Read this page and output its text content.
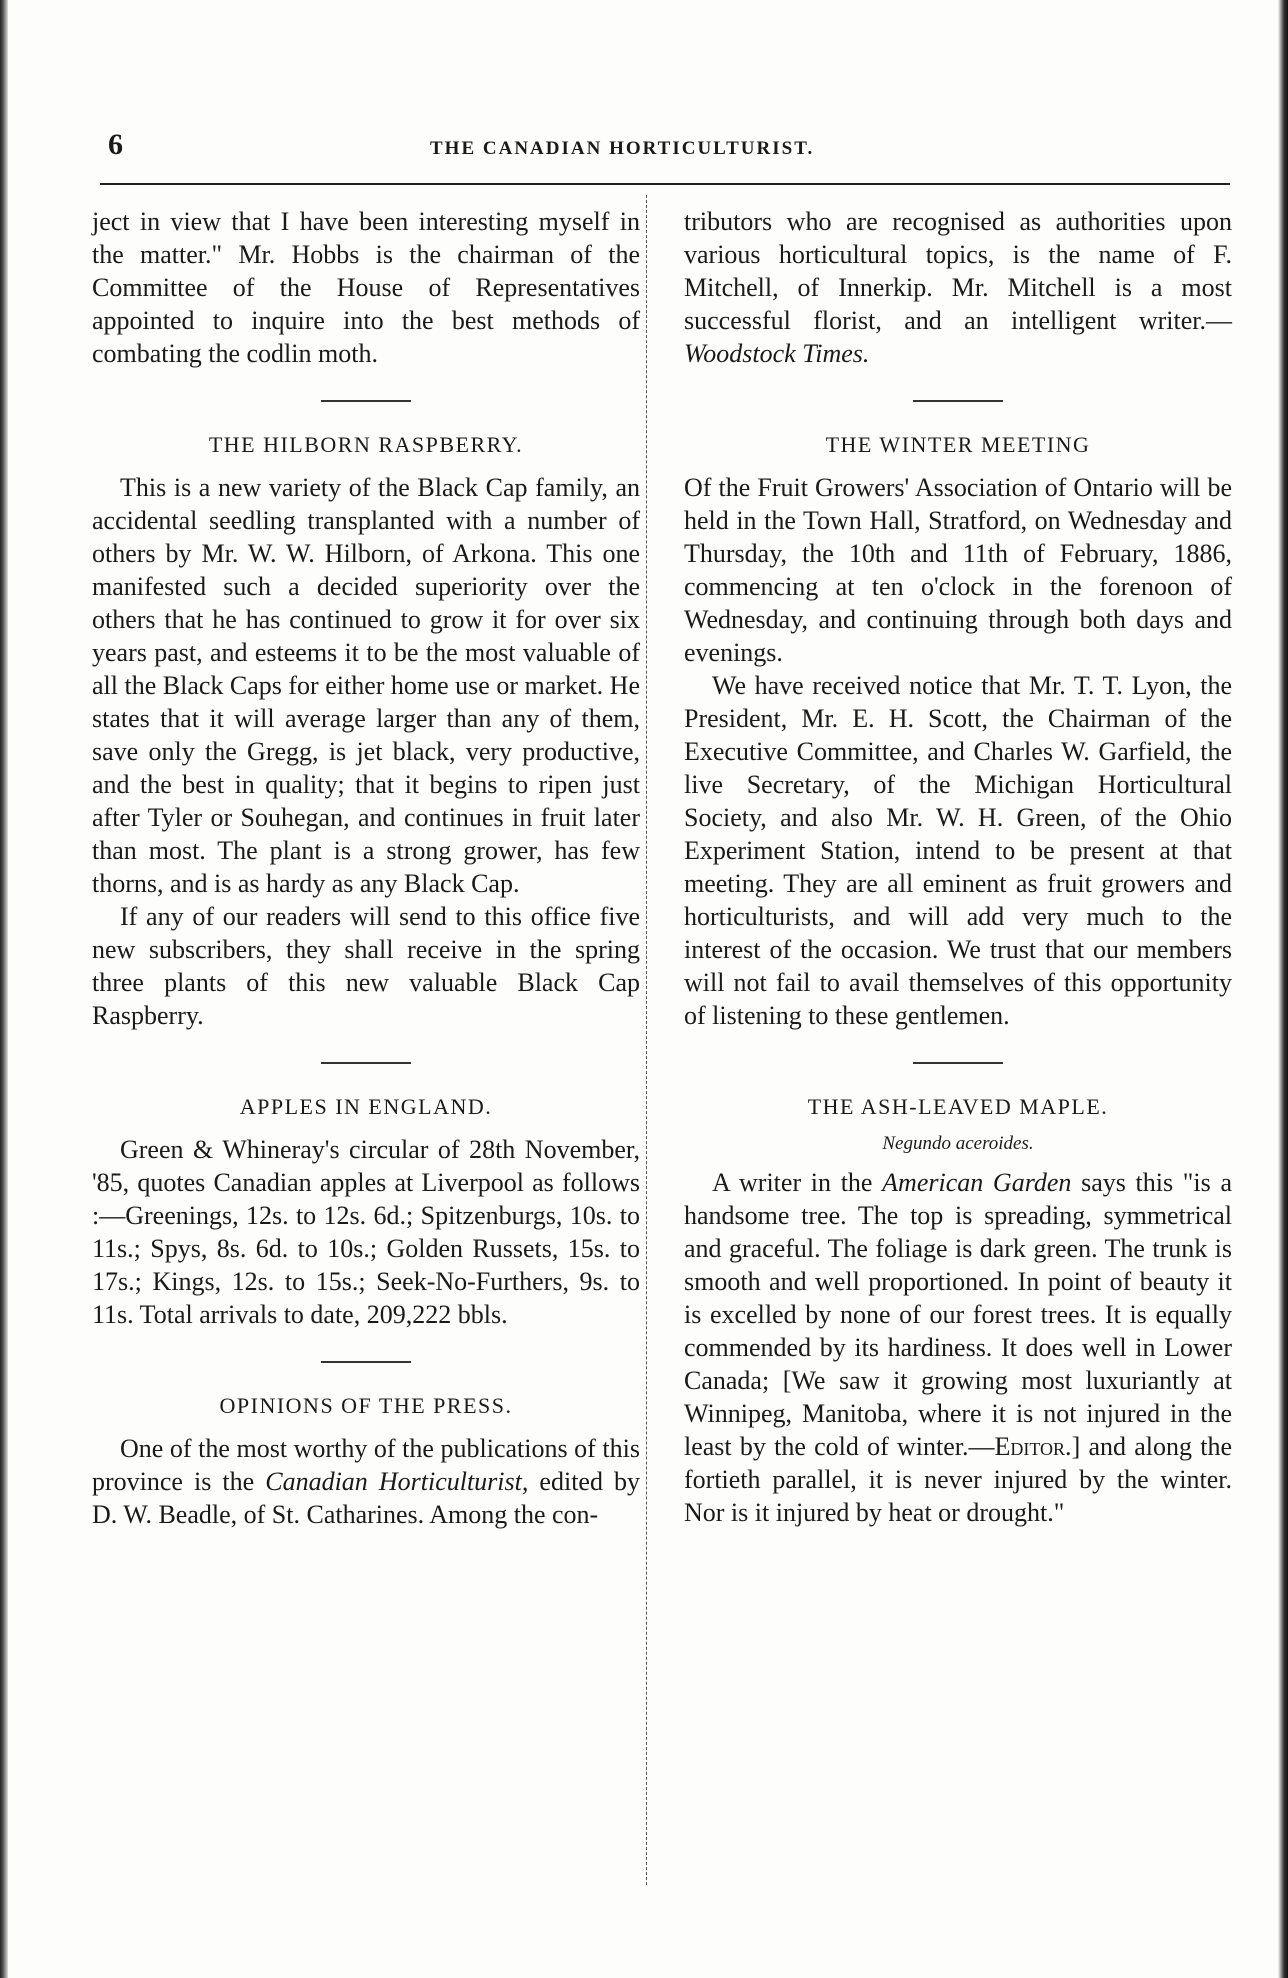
6	THE CANADIAN HORTICULTURIST.

ject in view that I have been interesting myself in the matter." Mr. Hobbs is the chairman of the Committee of the House of Representatives appointed to inquire into the best methods of combating the codlin moth.

THE HILBORN RASPBERRY.

This is a new variety of the Black Cap family, an accidental seedling transplanted with a number of others by Mr. W. W. Hilborn, of Arkona. This one manifested such a decided superiority over the others that he has continued to grow it for over six years past, and esteems it to be the most valuable of all the Black Caps for either home use or market. He states that it will average larger than any of them, save only the Gregg, is jet black, very productive, and the best in quality; that it begins to ripen just after Tyler or Souhegan, and continues in fruit later than most. The plant is a strong grower, has few thorns, and is as hardy as any Black Cap.

If any of our readers will send to this office five new subscribers, they shall receive in the spring three plants of this new valuable Black Cap Raspberry.

APPLES IN ENGLAND.

Green & Whineray's circular of 28th November, '85, quotes Canadian apples at Liverpool as follows :—Greenings, 12s. to 12s. 6d.; Spitzenburgs, 10s. to 11s.; Spys, 8s. 6d. to 10s.; Golden Russets, 15s. to 17s.; Kings, 12s. to 15s.; Seek-No-Furthers, 9s. to 11s. Total arrivals to date, 209,222 bbls.

OPINIONS OF THE PRESS.

One of the most worthy of the publications of this province is the Canadian Horticulturist, edited by D. W. Beadle, of St. Catharines. Among the con-

tributors who are recognised as authorities upon various horticultural topics, is the name of F. Mitchell, of Innerkip. Mr. Mitchell is a most successful florist, and an intelligent writer.— Woodstock Times.

THE WINTER MEETING

Of the Fruit Growers' Association of Ontario will be held in the Town Hall, Stratford, on Wednesday and Thursday, the 10th and 11th of February, 1886, commencing at ten o'clock in the forenoon of Wednesday, and continuing through both days and evenings.

We have received notice that Mr. T. T. Lyon, the President, Mr. E. H. Scott, the Chairman of the Executive Committee, and Charles W. Garfield, the live Secretary, of the Michigan Horticultural Society, and also Mr. W. H. Green, of the Ohio Experiment Station, intend to be present at that meeting. They are all eminent as fruit growers and horticulturists, and will add very much to the interest of the occasion. We trust that our members will not fail to avail themselves of this opportunity of listening to these gentlemen.

THE ASH-LEAVED MAPLE.
Negundo aceroides.

A writer in the American Garden says this "is a handsome tree. The top is spreading, symmetrical and graceful. The foliage is dark green. The trunk is smooth and well proportioned. In point of beauty it is excelled by none of our forest trees. It is equally commended by its hardiness. It does well in Lower Canada; [We saw it growing most luxuriantly at Winnipeg, Manitoba, where it is not injured in the least by the cold of winter.—Editor.] and along the fortieth parallel, it is never injured by the winter. Nor is it injured by heat or drought."
